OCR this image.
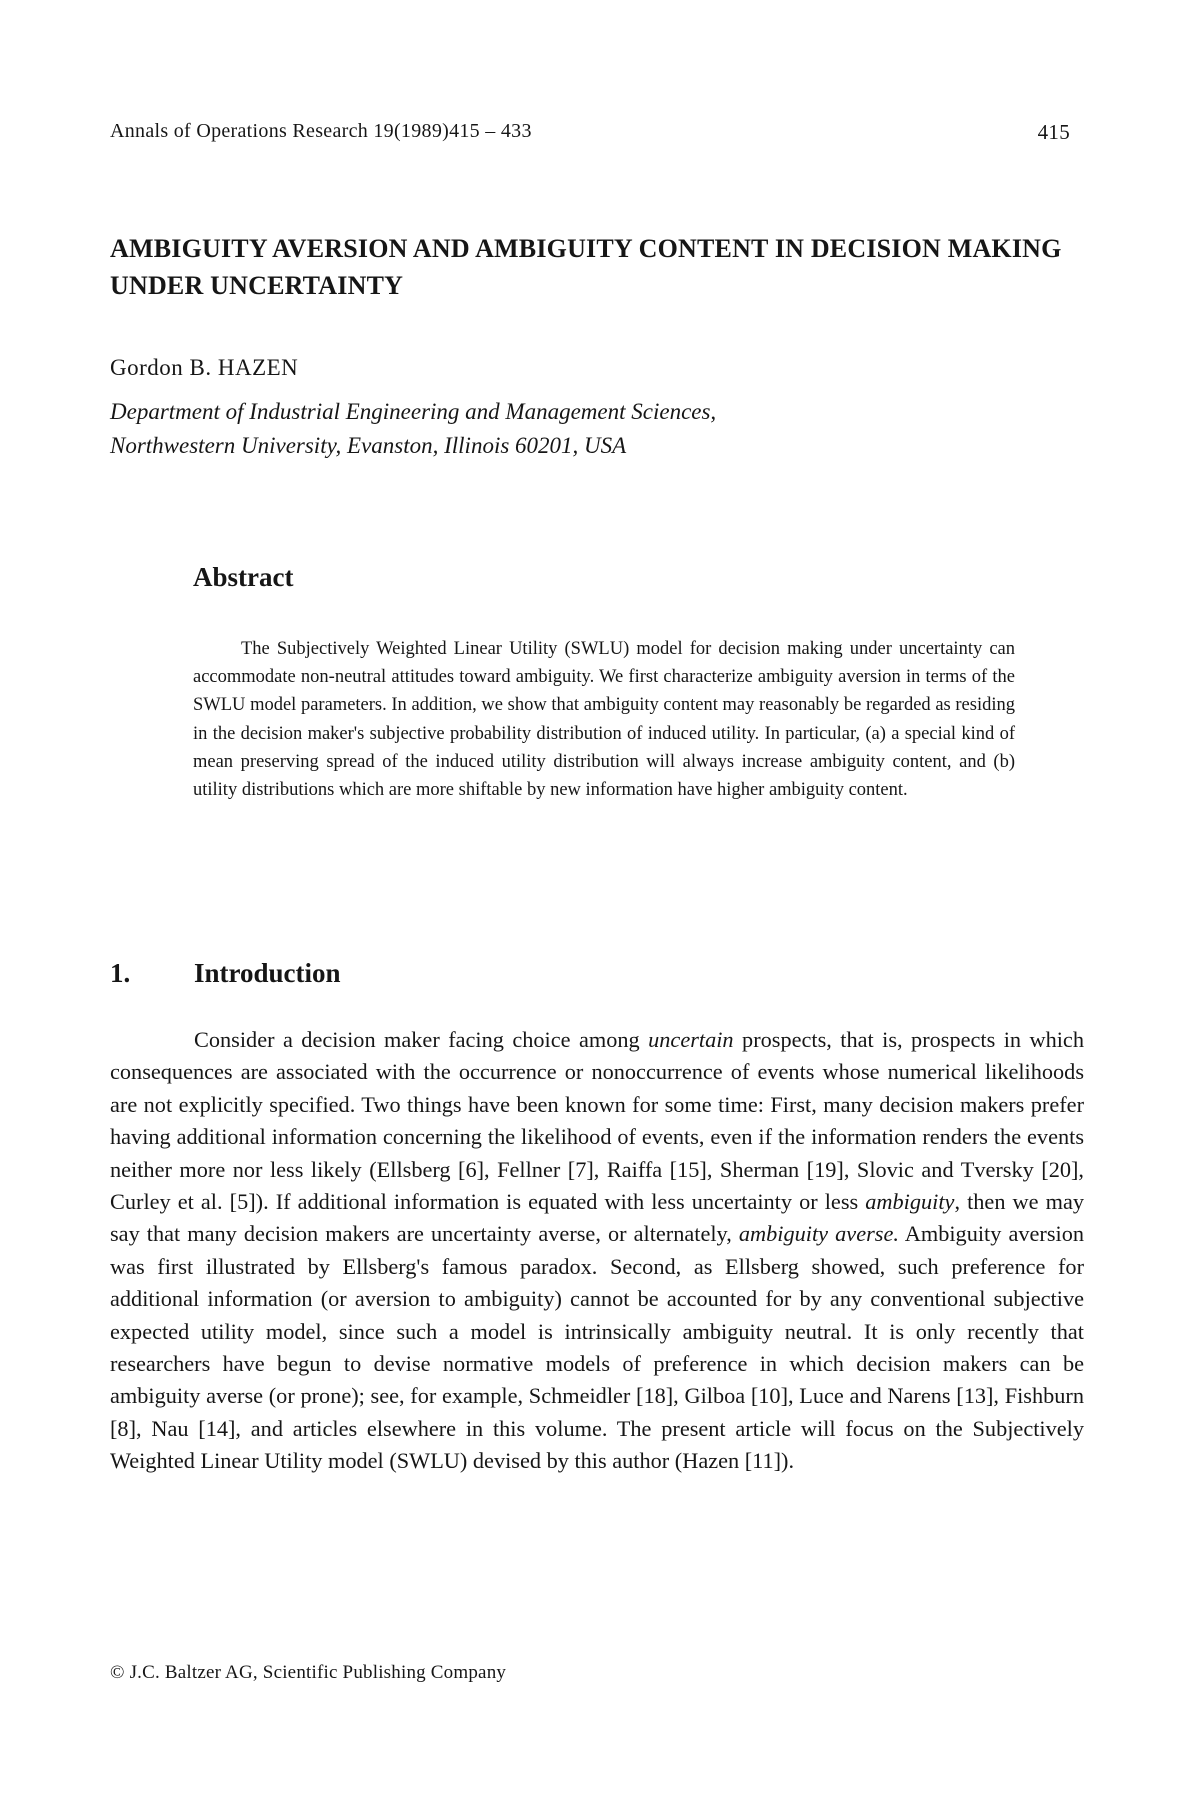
Annals of Operations Research 19(1989)415 – 433	415
AMBIGUITY AVERSION AND AMBIGUITY CONTENT IN DECISION MAKING UNDER UNCERTAINTY
Gordon B. HAZEN
Department of Industrial Engineering and Management Sciences,
Northwestern University, Evanston, Illinois 60201, USA
Abstract

The Subjectively Weighted Linear Utility (SWLU) model for decision making under uncertainty can accommodate non-neutral attitudes toward ambiguity. We first characterize ambiguity aversion in terms of the SWLU model parameters. In addition, we show that ambiguity content may reasonably be regarded as residing in the decision maker's subjective probability distribution of induced utility. In particular, (a) a special kind of mean preserving spread of the induced utility distribution will always increase ambiguity content, and (b) utility distributions which are more shiftable by new information have higher ambiguity content.

1. Introduction

Consider a decision maker facing choice among uncertain prospects, that is, prospects in which consequences are associated with the occurrence or nonoccurrence of events whose numerical likelihoods are not explicitly specified. Two things have been known for some time: First, many decision makers prefer having additional information concerning the likelihood of events, even if the information renders the events neither more nor less likely (Ellsberg [6], Fellner [7], Raiffa [15], Sherman [19], Slovic and Tversky [20], Curley et al. [5]). If additional information is equated with less uncertainty or less ambiguity, then we may say that many decision makers are uncertainty averse, or alternately, ambiguity averse. Ambiguity aversion was first illustrated by Ellsberg's famous paradox. Second, as Ellsberg showed, such preference for additional information (or aversion to ambiguity) cannot be accounted for by any conventional subjective expected utility model, since such a model is intrinsically ambiguity neutral. It is only recently that researchers have begun to devise normative models of preference in which decision makers can be ambiguity averse (or prone); see, for example, Schmeidler [18], Gilboa [10], Luce and Narens [13], Fishburn [8], Nau [14], and articles elsewhere in this volume. The present article will focus on the Subjectively Weighted Linear Utility model (SWLU) devised by this author (Hazen [11]).

© J.C. Baltzer AG, Scientific Publishing Company
